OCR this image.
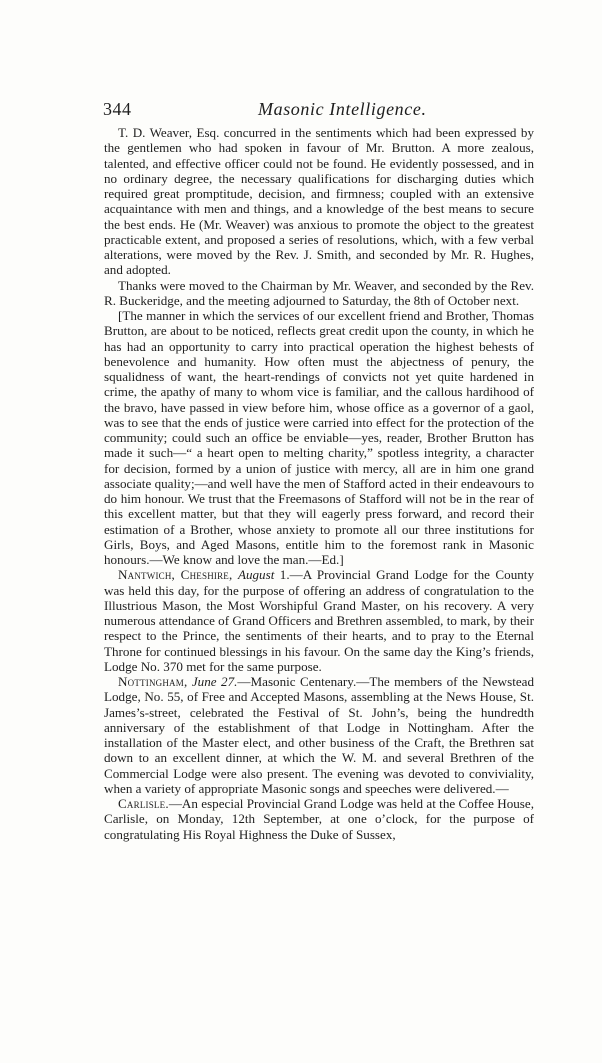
344	Masonic Intelligence.

T. D. Weaver, Esq. concurred in the sentiments which had been expressed by the gentlemen who had spoken in favour of Mr. Brutton. A more zealous, talented, and effective officer could not be found. He evidently possessed, and in no ordinary degree, the necessary qualifications for discharging duties which required great promptitude, decision, and firmness; coupled with an extensive acquaintance with men and things, and a knowledge of the best means to secure the best ends. He (Mr. Weaver) was anxious to promote the object to the greatest practicable extent, and proposed a series of resolutions, which, with a few verbal alterations, were moved by the Rev. J. Smith, and seconded by Mr. R. Hughes, and adopted.

Thanks were moved to the Chairman by Mr. Weaver, and seconded by the Rev. R. Buckeridge, and the meeting adjourned to Saturday, the 8th of October next.

[The manner in which the services of our excellent friend and Brother, Thomas Brutton, are about to be noticed, reflects great credit upon the county, in which he has had an opportunity to carry into practical operation the highest behests of benevolence and humanity. How often must the abjectness of penury, the squalidness of want, the heart-rendings of convicts not yet quite hardened in crime, the apathy of many to whom vice is familiar, and the callous hardihood of the bravo, have passed in view before him, whose office as a governor of a gaol, was to see that the ends of justice were carried into effect for the protection of the community; could such an office be enviable—yes, reader, Brother Brutton has made it such—“ a heart open to melting charity,” spotless integrity, a character for decision, formed by a union of justice with mercy, all are in him one grand associate quality;—and well have the men of Stafford acted in their endeavours to do him honour. We trust that the Freemasons of Stafford will not be in the rear of this excellent matter, but that they will eagerly press forward, and record their estimation of a Brother, whose anxiety to promote all our three institutions for Girls, Boys, and Aged Masons, entitle him to the foremost rank in Masonic honours.—We know and love the man.—Ed.]

Nantwich, Cheshire, August 1.—A Provincial Grand Lodge for the County was held this day, for the purpose of offering an address of congratulation to the Illustrious Mason, the Most Worshipful Grand Master, on his recovery. A very numerous attendance of Grand Officers and Brethren assembled, to mark, by their respect to the Prince, the sentiments of their hearts, and to pray to the Eternal Throne for continued blessings in his favour. On the same day the King’s friends, Lodge No. 370 met for the same purpose.

Nottingham, June 27.—Masonic Centenary.—The members of the Newstead Lodge, No. 55, of Free and Accepted Masons, assembling at the News House, St. James’s-street, celebrated the Festival of St. John’s, being the hundredth anniversary of the establishment of that Lodge in Nottingham. After the installation of the Master elect, and other business of the Craft, the Brethren sat down to an excellent dinner, at which the W. M. and several Brethren of the Commercial Lodge were also present. The evening was devoted to conviviality, when a variety of appropriate Masonic songs and speeches were delivered.—

Carlisle.—An especial Provincial Grand Lodge was held at the Coffee House, Carlisle, on Monday, 12th September, at one o’clock, for the purpose of congratulating His Royal Highness the Duke of Sussex,
